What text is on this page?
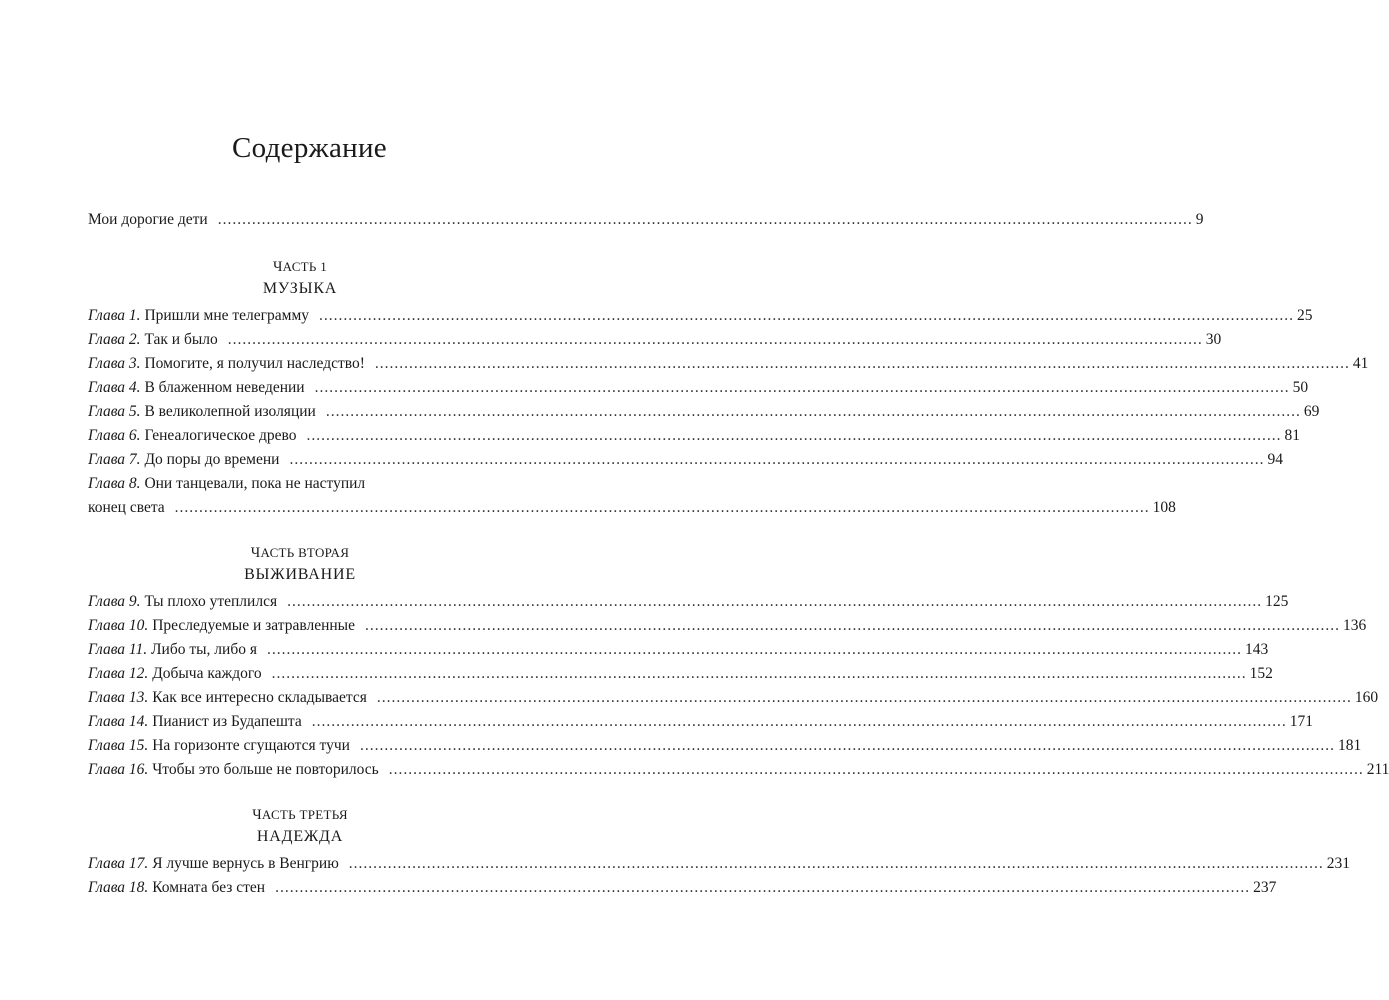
Содержание
Мои дорогие дети ........................................................................................................................................................................................................ 9
ЧАСТЬ 1
МУЗЫКА
Глава 1. Пришли мне телеграмму ........................................................................................................................................................................................................ 25
Глава 2. Так и было ........................................................................................................................................................................................................ 30
Глава 3. Помогите, я получил наследство! ........................................................................................................................................................................................................ 41
Глава 4. В блаженном неведении ........................................................................................................................................................................................................ 50
Глава 5. В великолепной изоляции ........................................................................................................................................................................................................ 69
Глава 6. Генеалогическое древо ........................................................................................................................................................................................................ 81
Глава 7. До поры до времени ........................................................................................................................................................................................................ 94
Глава 8. Они танцевали, пока не наступил
конец света ........................................................................................................................................................................................................ 108
ЧАСТЬ ВТОРАЯ
ВЫЖИВАНИЕ
Глава 9. Ты плохо утеплился ........................................................................................................................................................................................................ 125
Глава 10. Преследуемые и затравленные ........................................................................................................................................................................................................ 136
Глава 11. Либо ты, либо я ........................................................................................................................................................................................................ 143
Глава 12. Добыча каждого ........................................................................................................................................................................................................ 152
Глава 13. Как все интересно складывается ........................................................................................................................................................................................................ 160
Глава 14. Пианист из Будапешта ........................................................................................................................................................................................................ 171
Глава 15. На горизонте сгущаются тучи ........................................................................................................................................................................................................ 181
Глава 16. Чтобы это больше не повторилось ........................................................................................................................................................................................................ 211
ЧАСТЬ ТРЕТЬЯ
НАДЕЖДА
Глава 17. Я лучше вернусь в Венгрию ........................................................................................................................................................................................................ 231
Глава 18. Комната без стен ........................................................................................................................................................................................................ 237
